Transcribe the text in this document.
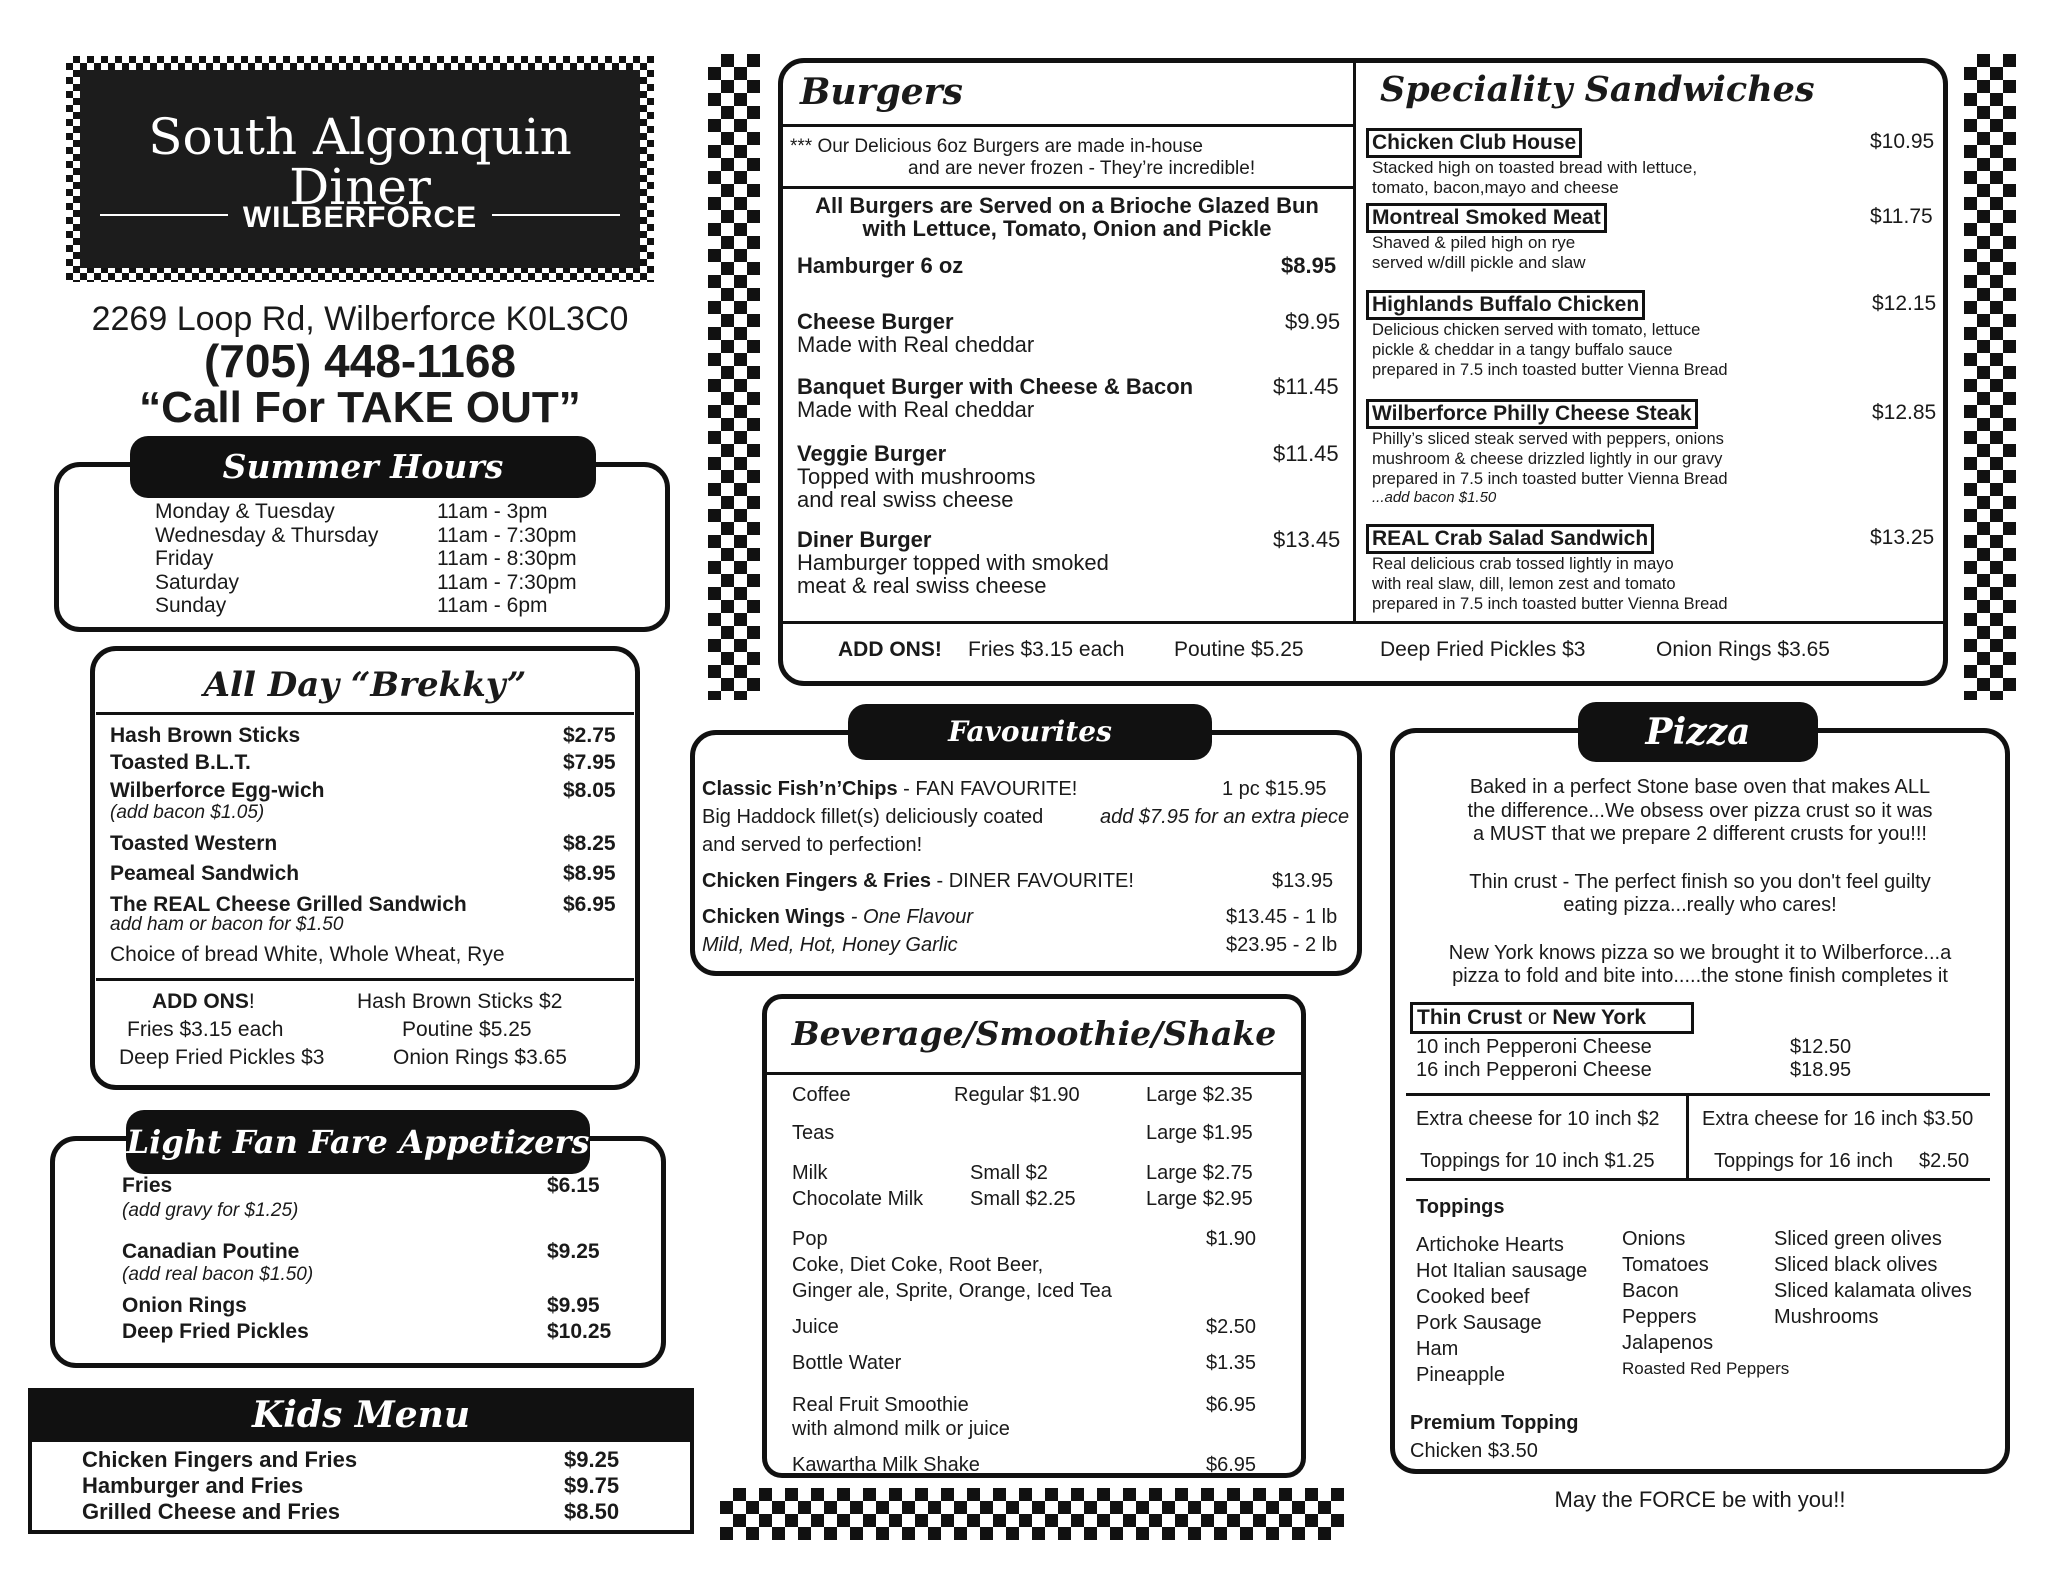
South Algonquin Diner
WILBERFORCE
2269 Loop Rd, Wilberforce K0L3C0
(705) 448-1168
“Call For TAKE OUT”
Summer Hours
Monday & Tuesday	11am - 3pm
Wednesday & Thursday	11am - 7:30pm
Friday	11am - 8:30pm
Saturday	11am - 7:30pm
Sunday	11am - 6pm
All Day “Brekky”
Hash Brown Sticks	$2.75
Toasted B.L.T.	$7.95
Wilberforce Egg-wich	$8.05
(add bacon $1.05)
Toasted Western	$8.25
Peameal Sandwich	$8.95
The REAL Cheese Grilled Sandwich	$6.95
add ham or bacon for $1.50
Choice of bread White, Whole Wheat, Rye
ADD ONS!	Hash Brown Sticks $2
Fries $3.15 each	Poutine $5.25
Deep Fried Pickles $3	Onion Rings $3.65
Light Fan Fare Appetizers
Fries	$6.15
(add gravy for $1.25)
Canadian Poutine	$9.25
(add real bacon $1.50)
Onion Rings	$9.95
Deep Fried Pickles	$10.25
Kids Menu
Chicken Fingers and Fries	$9.25
Hamburger and Fries	$9.75
Grilled Cheese and Fries	$8.50
Burgers
*** Our Delicious 6oz Burgers are made in-house
and are never frozen - They’re incredible!
All Burgers are Served on a Brioche Glazed Bun
with Lettuce, Tomato, Onion and Pickle
Hamburger 6 oz	$8.95
Cheese Burger	$9.95
Made with Real cheddar
Banquet Burger with Cheese & Bacon	$11.45
Made with Real cheddar
Veggie Burger	$11.45
Topped with mushrooms
and real swiss cheese
Diner Burger	$13.45
Hamburger topped with smoked
meat & real swiss cheese
ADD ONS! Fries $3.15 each Poutine $5.25	Deep Fried Pickles $3	Onion Rings $3.65
Speciality Sandwiches
Chicken Club House	$10.95
Stacked high on toasted bread with lettuce,
tomato, bacon,mayo and cheese
Montreal Smoked Meat	$11.75
Shaved & piled high on rye
served w/dill pickle and slaw
Highlands Buffalo Chicken	$12.15
Delicious chicken served with tomato, lettuce
pickle & cheddar in a tangy buffalo sauce
prepared in 7.5 inch toasted butter Vienna Bread
Wilberforce Philly Cheese Steak	$12.85
Philly’s sliced steak served with peppers, onions
mushroom & cheese drizzled lightly in our gravy
prepared in 7.5 inch toasted butter Vienna Bread
...add bacon $1.50
REAL Crab Salad Sandwich	$13.25
Real delicious crab tossed lightly in mayo
with real slaw, dill, lemon zest and tomato
prepared in 7.5 inch toasted butter Vienna Bread
Favourites
Classic Fish’n’Chips - FAN FAVOURITE!	1 pc $15.95
Big Haddock fillet(s) deliciously coated	add $7.95 for an extra piece
and served to perfection!
Chicken Fingers & Fries - DINER FAVOURITE!	$13.95
Chicken Wings - One Flavour	$13.45 - 1 lb
Mild, Med, Hot, Honey Garlic	$23.95 - 2 lb
Beverage/Smoothie/Shake
Coffee	Regular $1.90	Large $2.35
Teas	Large $1.95
Milk	Small $2	Large $2.75
Chocolate Milk Small $2.25	Large $2.95
Pop	$1.90
Coke, Diet Coke, Root Beer,
Ginger ale, Sprite, Orange, Iced Tea
Juice	$2.50
Bottle Water	$1.35
Real Fruit Smoothie	$6.95
with almond milk or juice
Kawartha Milk Shake	$6.95
Pizza
Baked in a perfect Stone base oven that makes ALL
the difference...We obsess over pizza crust so it was
a MUST that we prepare 2 different crusts for you!!!
Thin crust - The perfect finish so you don't feel guilty
eating pizza...really who cares!
New York knows pizza so we brought it to Wilberforce...a
pizza to fold and bite into.....the stone finish completes it
Thin Crust or New York
10 inch Pepperoni Cheese	$12.50
16 inch Pepperoni Cheese	$18.95
Extra cheese for 10 inch $2 Extra cheese for 16 inch $3.50
Toppings for 10 inch $1.25	Toppings for 16 inch $2.50
Toppings
Artichoke Hearts
Hot Italian sausage
Cooked beef
Pork Sausage
Ham
Pineapple
Onions
Tomatoes
Bacon
Peppers
Jalapenos
Roasted Red Peppers
Sliced green olives
Sliced black olives
Sliced kalamata olives
Mushrooms
Premium Topping
Chicken $3.50
May the FORCE be with you!!
